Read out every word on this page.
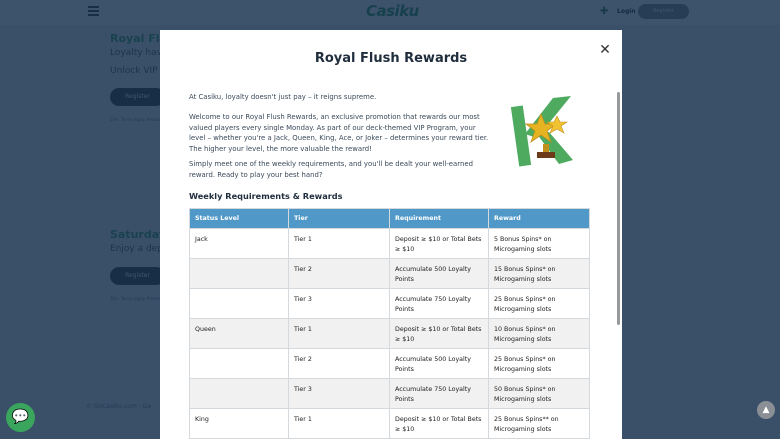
💬	▲
Royal Flush Rewards
✕
At Casiku, loyalty doesn't just pay – it reigns supreme.
Welcome to our Royal Flush Rewards, an exclusive promotion that rewards our most valued players every single Monday. As part of our deck-themed VIP Program, your level – whether you're a Jack, Queen, King, Ace, or Joker – determines your reward tier. The higher your level, the more valuable the reward!
Simply meet one of the weekly requirements, and you'll be dealt your well-earned reward. Ready to play your best hand?
Weekly Requirements & Rewards
Status Level	Tier	Requirement	Reward
Jack	Tier 1	Deposit ≥ $10 or Total Bets ≥ $10	5 Bonus Spins* on Microgaming slots
	Tier 2	Accumulate 500 Loyalty Points	15 Bonus Spins* on Microgaming slots
	Tier 3	Accumulate 750 Loyalty Points	25 Bonus Spins* on Microgaming slots
Queen	Tier 1	Deposit ≥ $10 or Total Bets ≥ $10	10 Bonus Spins* on Microgaming slots
	Tier 2	Accumulate 500 Loyalty Points	25 Bonus Spins* on Microgaming slots
	Tier 3	Accumulate 750 Loyalty Points	50 Bonus Spins* on Microgaming slots
King	Tier 1	Deposit ≥ $10 or Total Bets ≥ $10	25 Bonus Spins** on Microgaming slots
